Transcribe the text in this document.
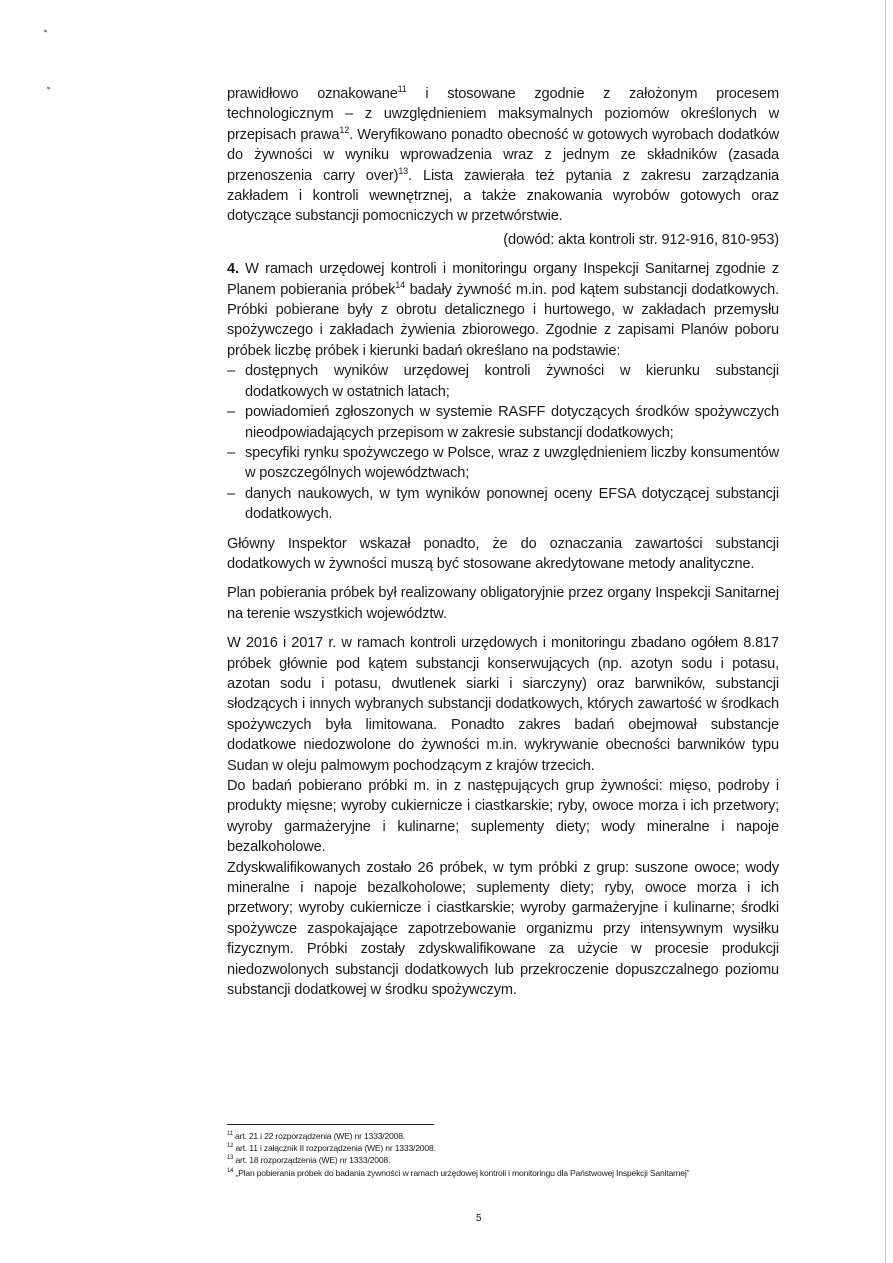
prawidłowo oznakowane$^{11}$ i stosowane zgodnie z założonym procesem technologicznym – z uwzględnieniem maksymalnych poziomów określonych w przepisach prawa$^{12}$. Weryfikowano ponadto obecność w gotowych wyrobach dodatków do żywności w wyniku wprowadzenia wraz z jednym ze składników (zasada przenoszenia carry over)$^{13}$. Lista zawierała też pytania z zakresu zarządzania zakładem i kontroli wewnętrznej, a także znakowania wyrobów gotowych oraz dotyczące substancji pomocniczych w przetwórstwie.

(dowód: akta kontroli str. 912-916, 810-953)

4. W ramach urzędowej kontroli i monitoringu organy Inspekcji Sanitarnej zgodnie z Planem pobierania próbek$^{14}$ badały żywność m.in. pod kątem substancji dodatkowych. Próbki pobierane były z obrotu detalicznego i hurtowego, w zakładach przemysłu spożywczego i zakładach żywienia zbiorowego. Zgodnie z zapisami Planów poboru próbek liczbę próbek i kierunki badań określano na podstawie:

– dostępnych wyników urzędowej kontroli żywności w kierunku substancji dodatkowych w ostatnich latach;
– powiadomień zgłoszonych w systemie RASFF dotyczących środków spożywczych nieodpowiadających przepisom w zakresie substancji dodatkowych;
– specyfiki rynku spożywczego w Polsce, wraz z uwzględnieniem liczby konsumentów w poszczególnych województwach;
– danych naukowych, w tym wyników ponownej oceny EFSA dotyczącej substancji dodatkowych.

Główny Inspektor wskazał ponadto, że do oznaczania zawartości substancji dodatkowych w żywności muszą być stosowane akredytowane metody analityczne.

Plan pobierania próbek był realizowany obligatoryjnie przez organy Inspekcji Sanitarnej na terenie wszystkich województw.

W 2016 i 2017 r. w ramach kontroli urzędowych i monitoringu zbadano ogółem 8.817 próbek głównie pod kątem substancji konserwujących (np. azotyn sodu i potasu, azotan sodu i potasu, dwutlenek siarki i siarczyny) oraz barwników, substancji słodzących i innych wybranych substancji dodatkowych, których zawartość w środkach spożywczych była limitowana. Ponadto zakres badań obejmował substancje dodatkowe niedozwolone do żywności m.in. wykrywanie obecności barwników typu Sudan w oleju palmowym pochodzącym z krajów trzecich.

Do badań pobierano próbki m. in z następujących grup żywności: mięso, podroby i produkty mięsne; wyroby cukiernicze i ciastkarskie; ryby, owoce morza i ich przetwory; wyroby garmażeryjne i kulinarne; suplementy diety; wody mineralne i napoje bezalkoholowe.

Zdyskwalifikowanych zostało 26 próbek, w tym próbki z grup: suszone owoce; wody mineralne i napoje bezalkoholowe; suplementy diety; ryby, owoce morza i ich przetwory; wyroby cukiernicze i ciastkarskie; wyroby garmażeryjne i kulinarne; środki spożywcze zaspokajające zapotrzebowanie organizmu przy intensywnym wysiłku fizycznym. Próbki zostały zdyskwalifikowane za użycie w procesie produkcji niedozwolonych substancji dodatkowych lub przekroczenie dopuszczalnego poziomu substancji dodatkowej w środku spożywczym.

$^{11}$ art. 21 i 22 rozporządzenia (WE) nr 1333/2008.

$^{12}$ art. 11 i załącznik II rozporządzenia (WE) nr 1333/2008.

$^{13}$ art. 18 rozporządzenia (WE) nr 1333/2008.

$^{14}$ „Plan pobierania próbek do badania żywności w ramach urzędowej kontroli i monitoringu dla Państwowej Inspekcji Sanitarnej”

5
